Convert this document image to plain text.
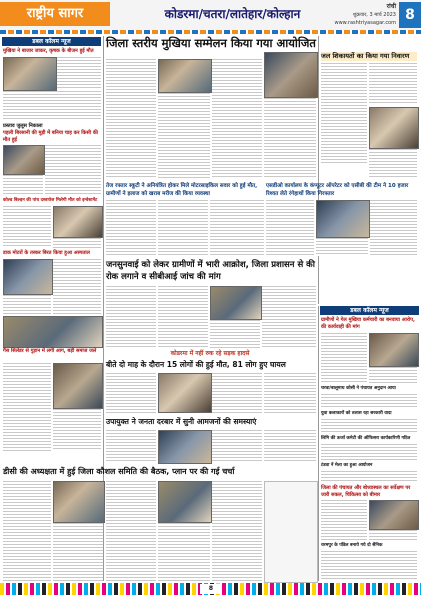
राष्ट्रीय सागर	कोडरमा/चतरा/लातेहार/कोल्हान
रांची
शुक्रवार, 3 मार्च 2023
www.rashtriyasagar.com 8
डबल कॉलम न्यूज
मुखिया ने बाजार जाकर, कृषक के बीजन हुई मौत
प्रस्ताव जुलूस निकाला
पहली बिरसानी की मुड़ी में बनिया चाह कर किसी की मौत हुई
कोल्ड बिल्ड़न की पांच दस्तावेज मिलेगी मौत को इन्वेस्टमेंट
डाक मोटरों के तस्कर बिरत किया हुआ अस्पताल
गैस सिलेंडर से गुड़ान में लगी आग, बड़ी समाज जले
जिला स्तरीय मुखिया सम्मेलन किया गया आयोजित
जल शिकायतों का किया गया निवारण
तेज रफ्तार स्कूटी ने अनियंत्रित होकर मिले मोटरसाइकिल सवार को हुई मौत, ग्रामीणों ने इलाज को खराब मरीज की किया व्यवस्था
एसडीओ कार्यालय के कंप्यूटर ऑपरेटर को एसीबी की टीम ने 10 हजार रिश्वत लेते रंगेहाथों किया गिरफ्तार
जनसुनवाई को लेकर ग्रामीणों में भारी आक्रोश, जिला प्रशासन से की रोक लगाने व सीबीआई जांच की मांग
डबल कॉलम न्यूज
ग्रामीणों ने गेल मुखिया कर्मचारी का बनवाया आरोप, की कार्यवाही की मांग
चरवा/बालूमाथ कोसी ने पंचायत अनुदान आया
युवा कलाकारों को तलाश रहा सरकारी वादा
लिमि की ऊर्जा कमेटी की ऑफिसरा कार्यकारिणी गठित
टंडवा नें मेला का हुआ आयोजन
जिला की पंचायत और बोध्यास्थल का सर्वेक्षण पर जारी सकल, चिकित्सा को बीमार
धरमपुर के पंडिल बनाये गये दो सैनिक
कोडरमा में नहीं रुक रहे सड़क हादसे
बीते दो माह के दौरान 15 लोगों की हुई मौत, 81 लोग हुए घायल
उपायुक्त ने जनता दरबार में सुनी आमजनों की समस्याएं
डीसी की अध्यक्षता में हुई जिला कौशल समिति की बैठक, प्लान पर की गई चर्चा
8
